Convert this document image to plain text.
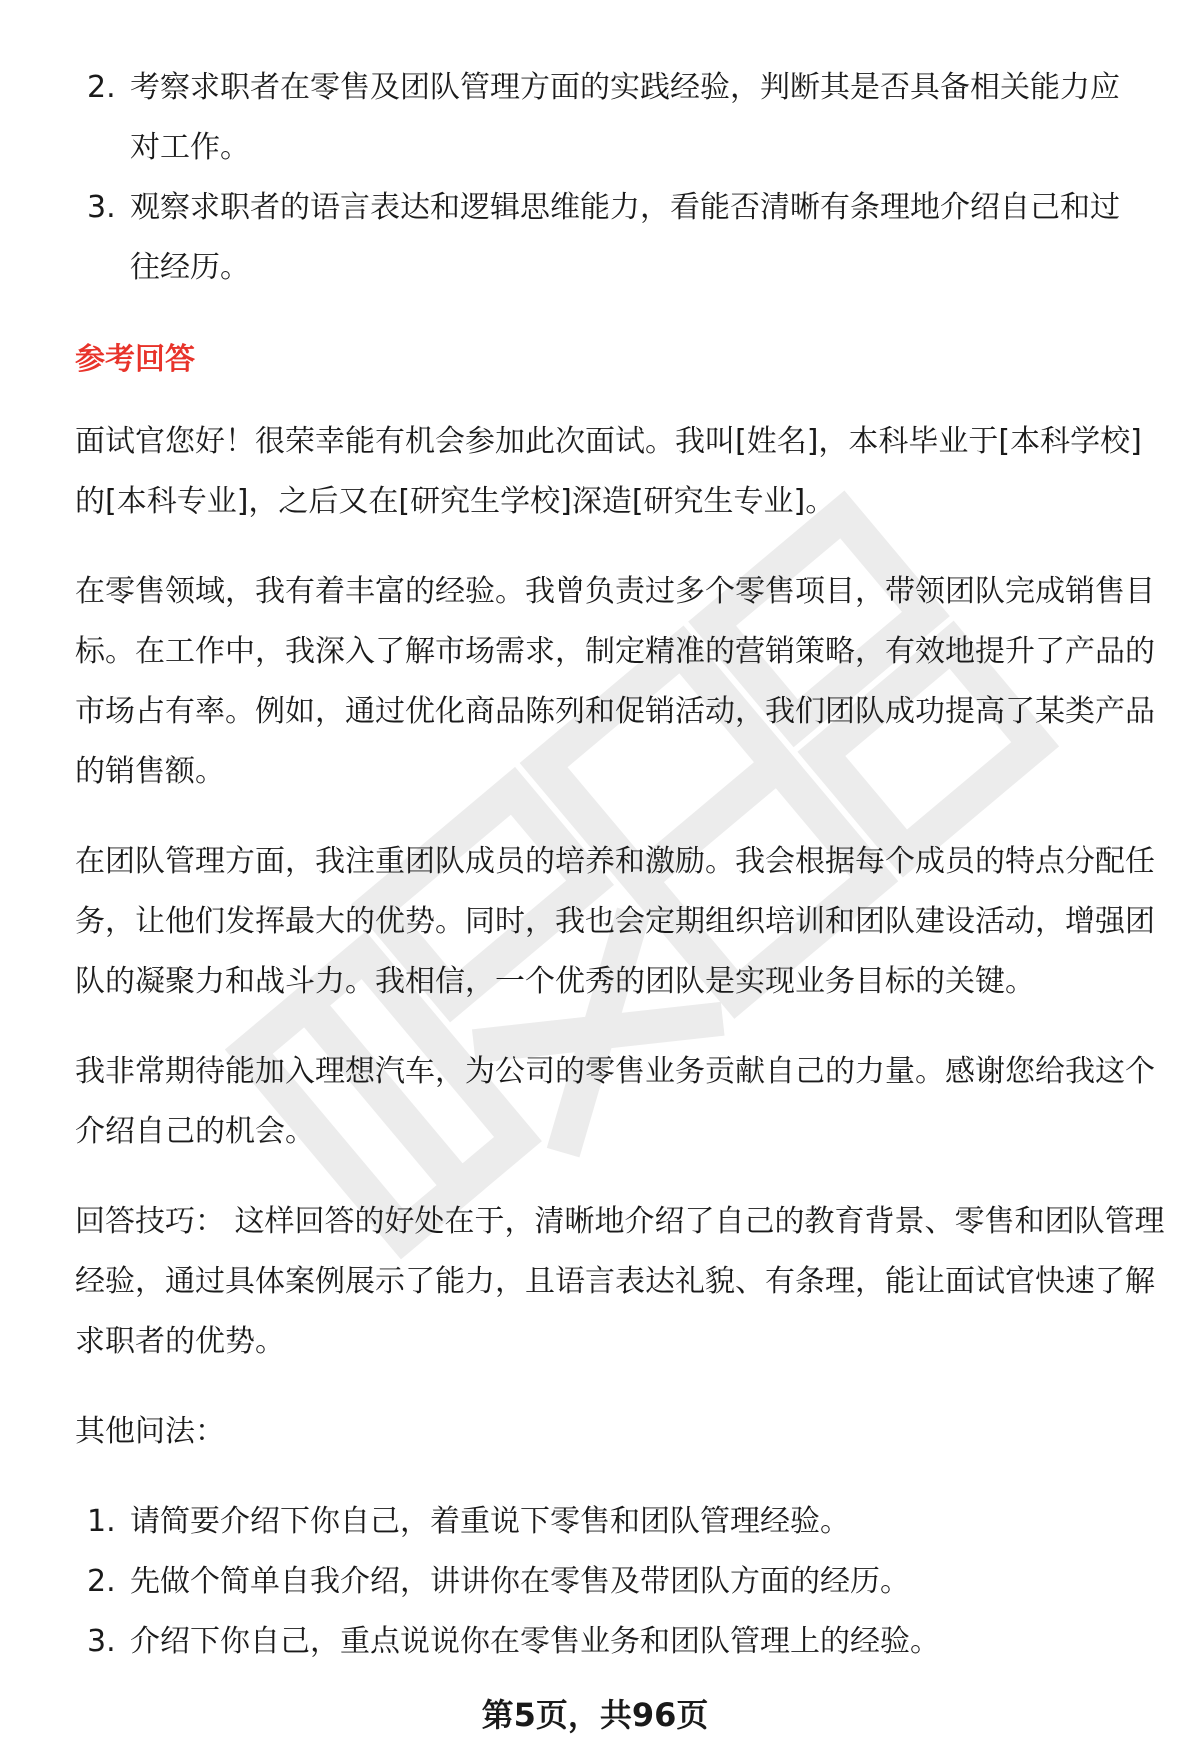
2. 考察求职者在零售及团队管理方面的实践经验，判断其是否具备相关能力应对工作。
3. 观察求职者的语言表达和逻辑思维能力，看能否清晰有条理地介绍自己和过往经历。
参考回答

面试官您好！很荣幸能有机会参加此次面试。我叫[姓名]，本科毕业于[本科学校]的[本科专业]，之后又在[研究生学校]深造[研究生专业]。

在零售领域，我有着丰富的经验。我曾负责过多个零售项目，带领团队完成销售目标。在工作中，我深入了解市场需求，制定精准的营销策略，有效地提升了产品的市场占有率。例如，通过优化商品陈列和促销活动，我们团队成功提高了某类产品的销售额。

在团队管理方面，我注重团队成员的培养和激励。我会根据每个成员的特点分配任务，让他们发挥最大的优势。同时，我也会定期组织培训和团队建设活动，增强团队的凝聚力和战斗力。我相信，一个优秀的团队是实现业务目标的关键。

我非常期待能加入理想汽车，为公司的零售业务贡献自己的力量。感谢您给我这个介绍自己的机会。

回答技巧： 这样回答的好处在于，清晰地介绍了自己的教育背景、零售和团队管理经验，通过具体案例展示了能力，且语言表达礼貌、有条理，能让面试官快速了解求职者的优势。

其他问法：

1. 请简要介绍下你自己，着重说下零售和团队管理经验。
2. 先做个简单自我介绍，讲讲你在零售及带团队方面的经历。
3. 介绍下你自己，重点说说你在零售业务和团队管理上的经验。
第5页，共96页
